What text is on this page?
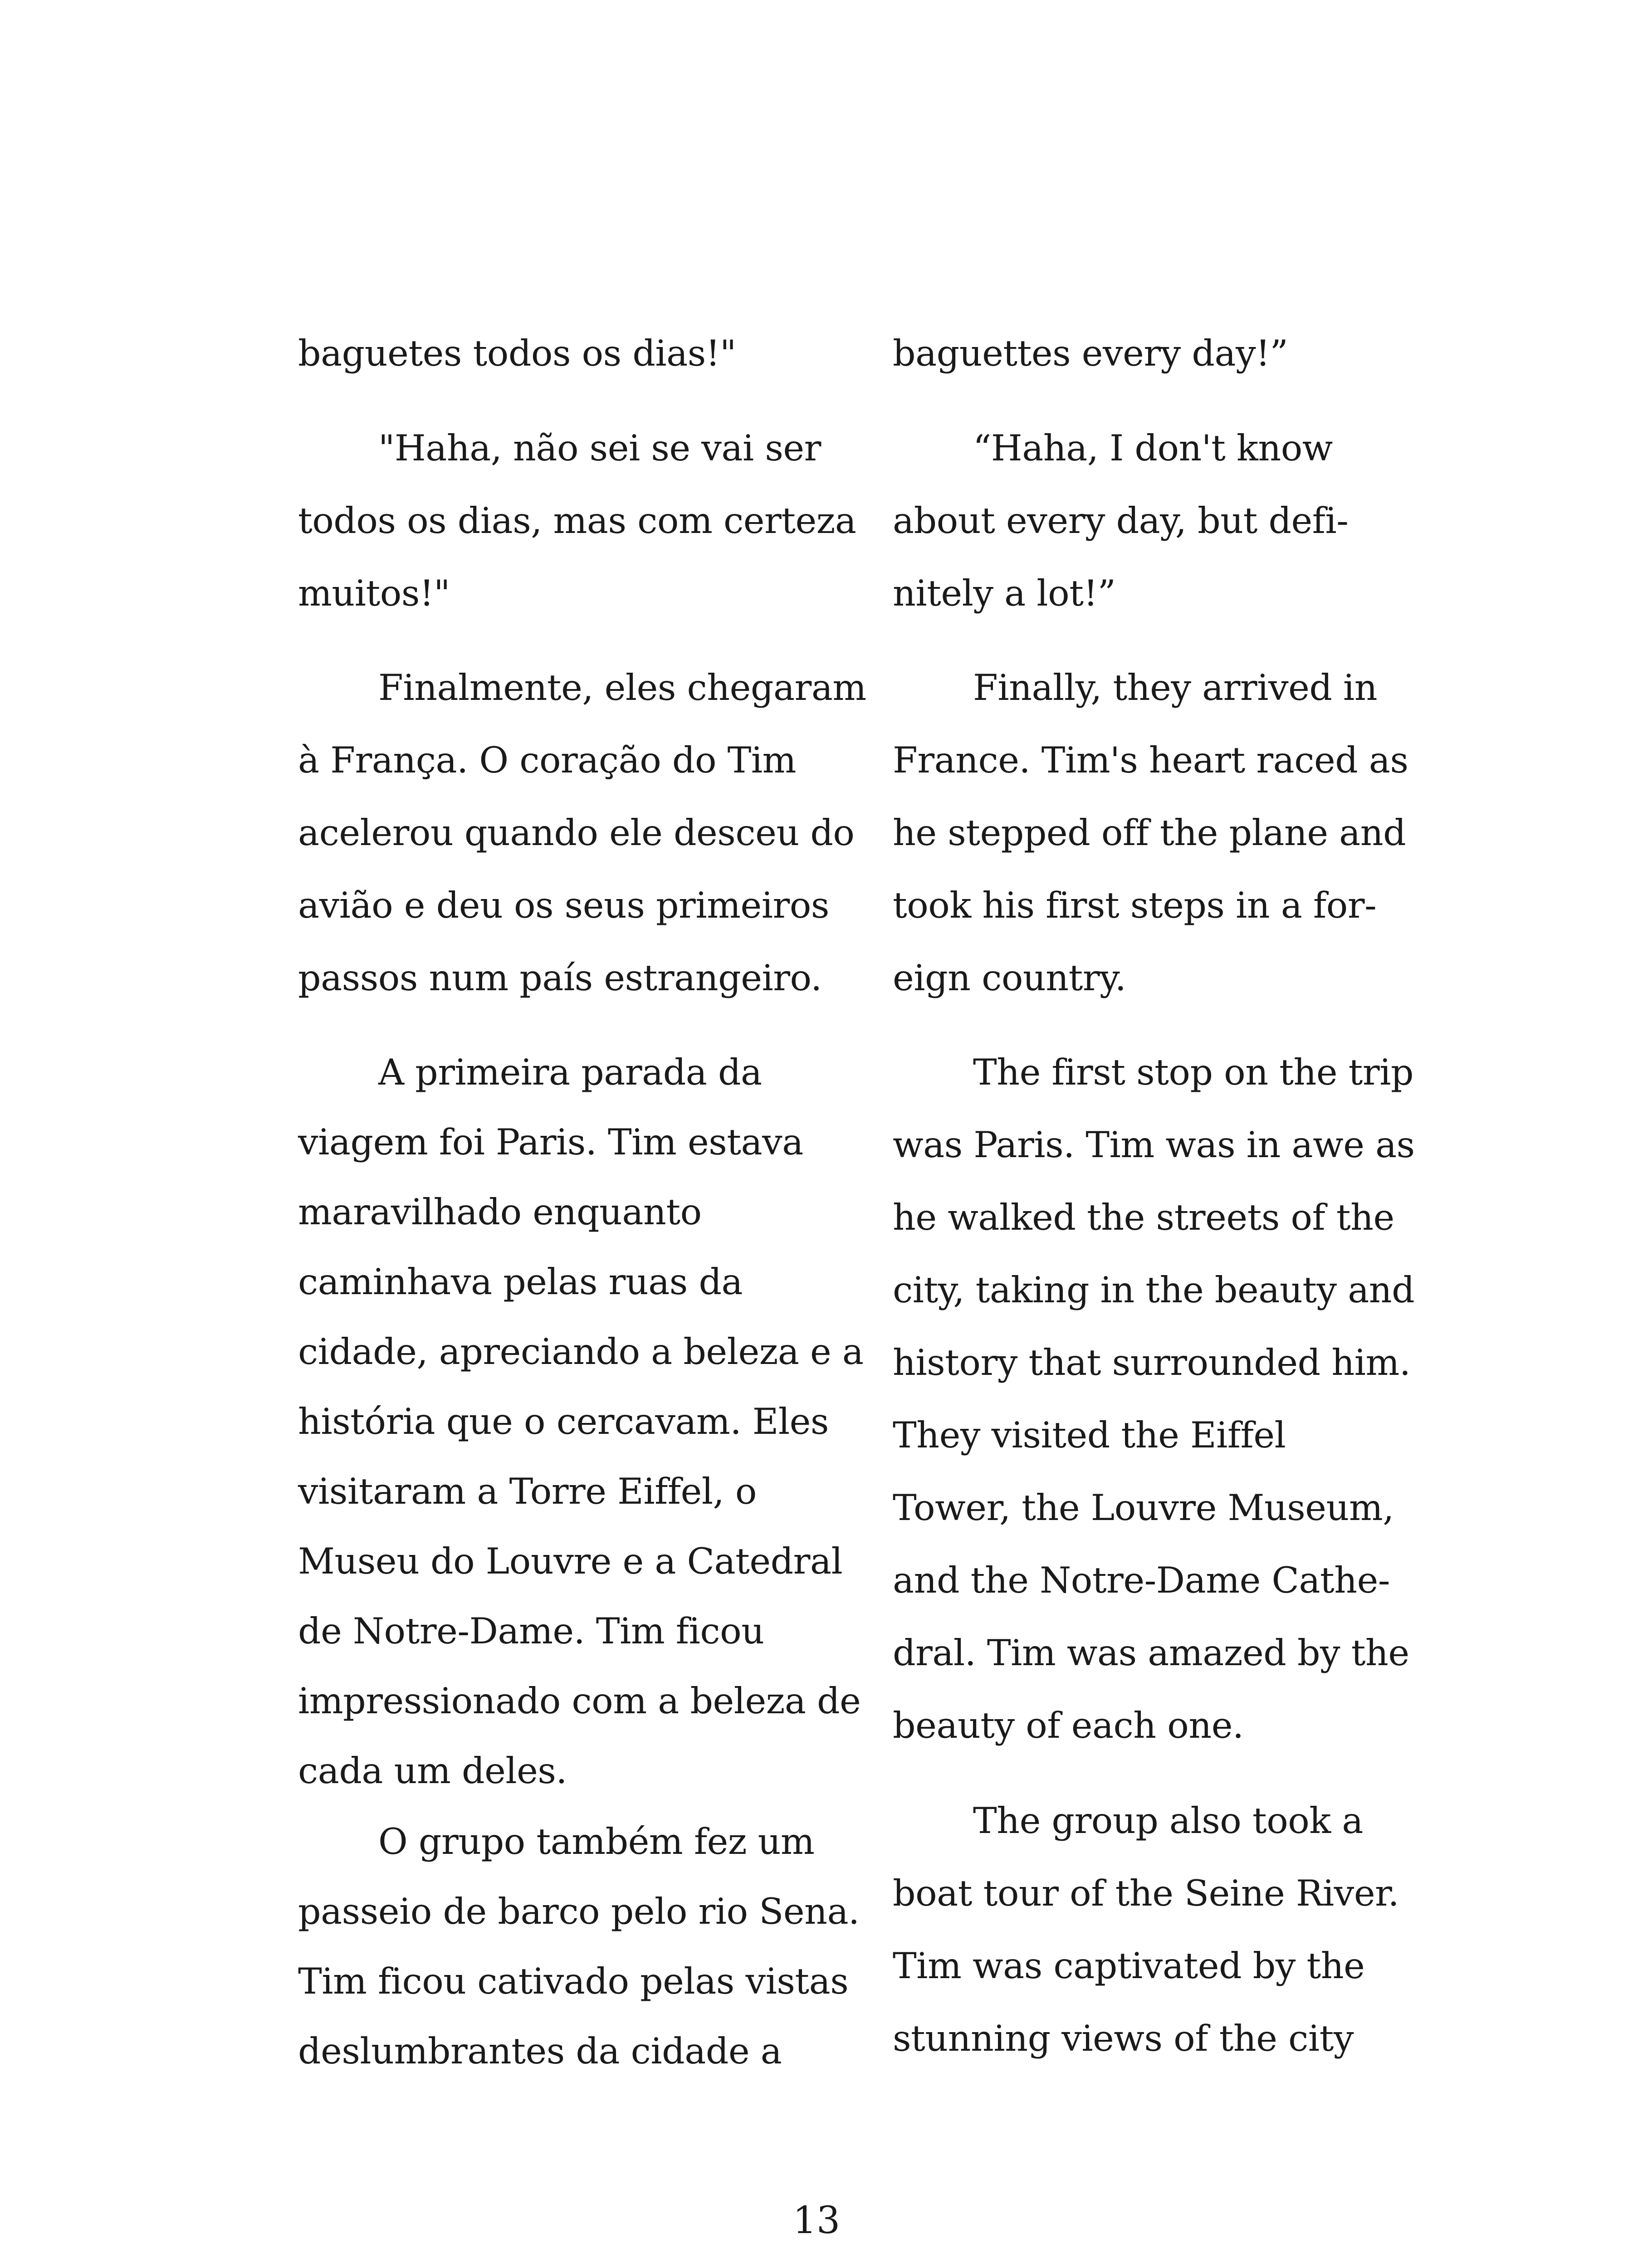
baguetes todos os dias!"
"Haha, não sei se vai ser
todos os dias, mas com certeza
muitos!"
Finalmente, eles chegaram
à França. O coração do Tim
acelerou quando ele desceu do
avião e deu os seus primeiros
passos num país estrangeiro.
A primeira parada da
viagem foi Paris. Tim estava
maravilhado enquanto
caminhava pelas ruas da
cidade, apreciando a beleza e a
história que o cercavam. Eles
visitaram a Torre Eiffel, o
Museu do Louvre e a Catedral
de Notre-Dame. Tim ficou
impressionado com a beleza de
cada um deles.
O grupo também fez um
passeio de barco pelo rio Sena.
Tim ficou cativado pelas vistas
deslumbrantes da cidade a
baguettes every day!”
“Haha, I don't know
about every day, but defi-
nitely a lot!”
Finally, they arrived in
France. Tim's heart raced as
he stepped off the plane and
took his first steps in a for-
eign country.
The first stop on the trip
was Paris. Tim was in awe as
he walked the streets of the
city, taking in the beauty and
history that surrounded him.
They visited the Eiffel
Tower, the Louvre Museum,
and the Notre-Dame Cathe-
dral. Tim was amazed by the
beauty of each one.
The group also took a
boat tour of the Seine River.
Tim was captivated by the
stunning views of the city
13
